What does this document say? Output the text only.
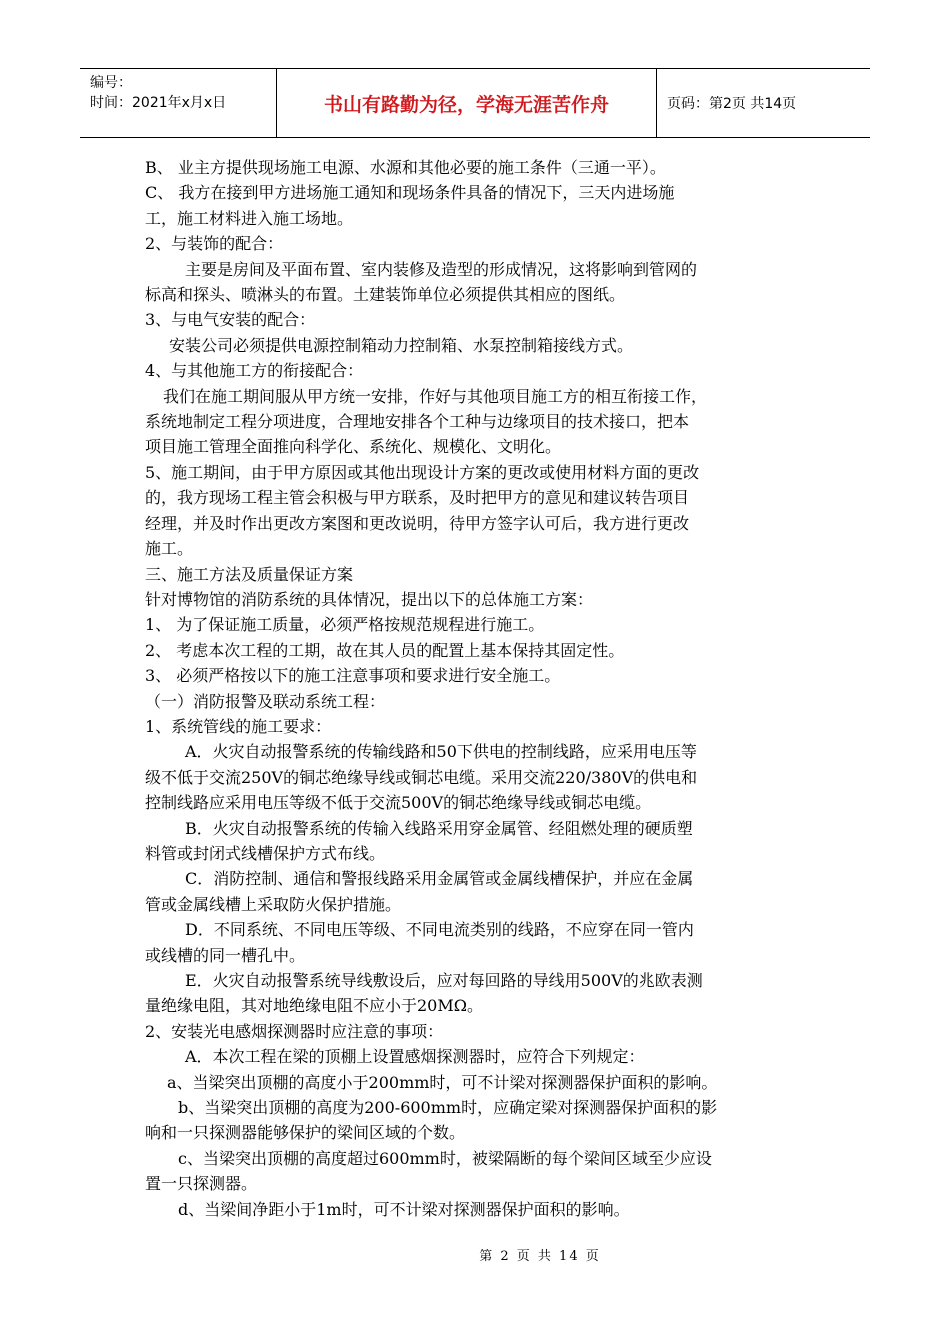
编号：
时间：2021年x月x日	书山有路勤为径，学海无涯苦作舟	页码：第2页 共14页
B、 业主方提供现场施工电源、水源和其他必要的施工条件（三通一平）。
C、 我方在接到甲方进场施工通知和现场条件具备的情况下，三天内进场施
工，施工材料进入施工场地。
2、与装饰的配合：
主要是房间及平面布置、室内装修及造型的形成情况，这将影响到管网的
标高和探头、喷淋头的布置。土建装饰单位必须提供其相应的图纸。
3、与电气安装的配合：
安装公司必须提供电源控制箱动力控制箱、水泵控制箱接线方式。
4、与其他施工方的衔接配合：
我们在施工期间服从甲方统一安排，作好与其他项目施工方的相互衔接工作，
系统地制定工程分项进度，合理地安排各个工种与边缘项目的技术接口，把本
项目施工管理全面推向科学化、系统化、规模化、文明化。
5、施工期间，由于甲方原因或其他出现设计方案的更改或使用材料方面的更改
的，我方现场工程主管会积极与甲方联系，及时把甲方的意见和建议转告项目
经理，并及时作出更改方案图和更改说明，待甲方签字认可后，我方进行更改
施工。
三、施工方法及质量保证方案
针对博物馆的消防系统的具体情况，提出以下的总体施工方案：
1、 为了保证施工质量，必须严格按规范规程进行施工。
2、 考虑本次工程的工期，故在其人员的配置上基本保持其固定性。
3、 必须严格按以下的施工注意事项和要求进行安全施工。
（一）消防报警及联动系统工程：
1、系统管线的施工要求：
A．火灾自动报警系统的传输线路和50下供电的控制线路，应采用电压等
级不低于交流250V的铜芯绝缘导线或铜芯电缆。采用交流220/380V的供电和
控制线路应采用电压等级不低于交流500V的铜芯绝缘导线或铜芯电缆。
B．火灾自动报警系统的传输入线路采用穿金属管、经阻燃处理的硬质塑
料管或封闭式线槽保护方式布线。
C．消防控制、通信和警报线路采用金属管或金属线槽保护，并应在金属
管或金属线槽上采取防火保护措施。
D．不同系统、不同电压等级、不同电流类别的线路，不应穿在同一管内
或线槽的同一槽孔中。
E．火灾自动报警系统导线敷设后，应对每回路的导线用500V的兆欧表测
量绝缘电阻，其对地绝缘电阻不应小于20MΩ。
2、安装光电感烟探测器时应注意的事项：
A．本次工程在梁的顶棚上设置感烟探测器时，应符合下列规定：
a、当梁突出顶棚的高度小于200mm时，可不计梁对探测器保护面积的影响。
b、当梁突出顶棚的高度为200-600mm时，应确定梁对探测器保护面积的影
响和一只探测器能够保护的梁间区域的个数。
c、当梁突出顶棚的高度超过600mm时，被梁隔断的每个梁间区域至少应设
置一只探测器。
d、当梁间净距小于1m时，可不计梁对探测器保护面积的影响。
第 2 页 共 14 页
